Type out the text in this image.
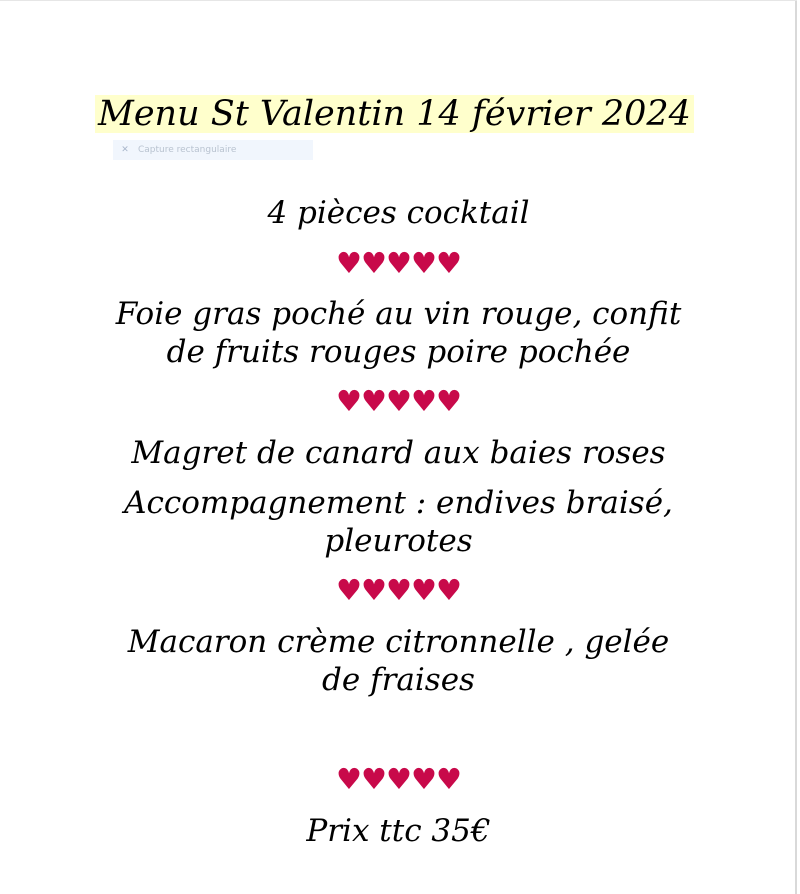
Menu St Valentin 14 février 2024
✕ Capture rectangulaire
4 pièces cocktail
♥♥♥♥♥
Foie gras poché au vin rouge, confit
de fruits rouges poire pochée
♥♥♥♥♥
Magret de canard aux baies roses
Accompagnement : endives braisé,
pleurotes
♥♥♥♥♥
Macaron crème citronnelle , gelée
de fraises
♥♥♥♥♥
Prix ttc 35€
